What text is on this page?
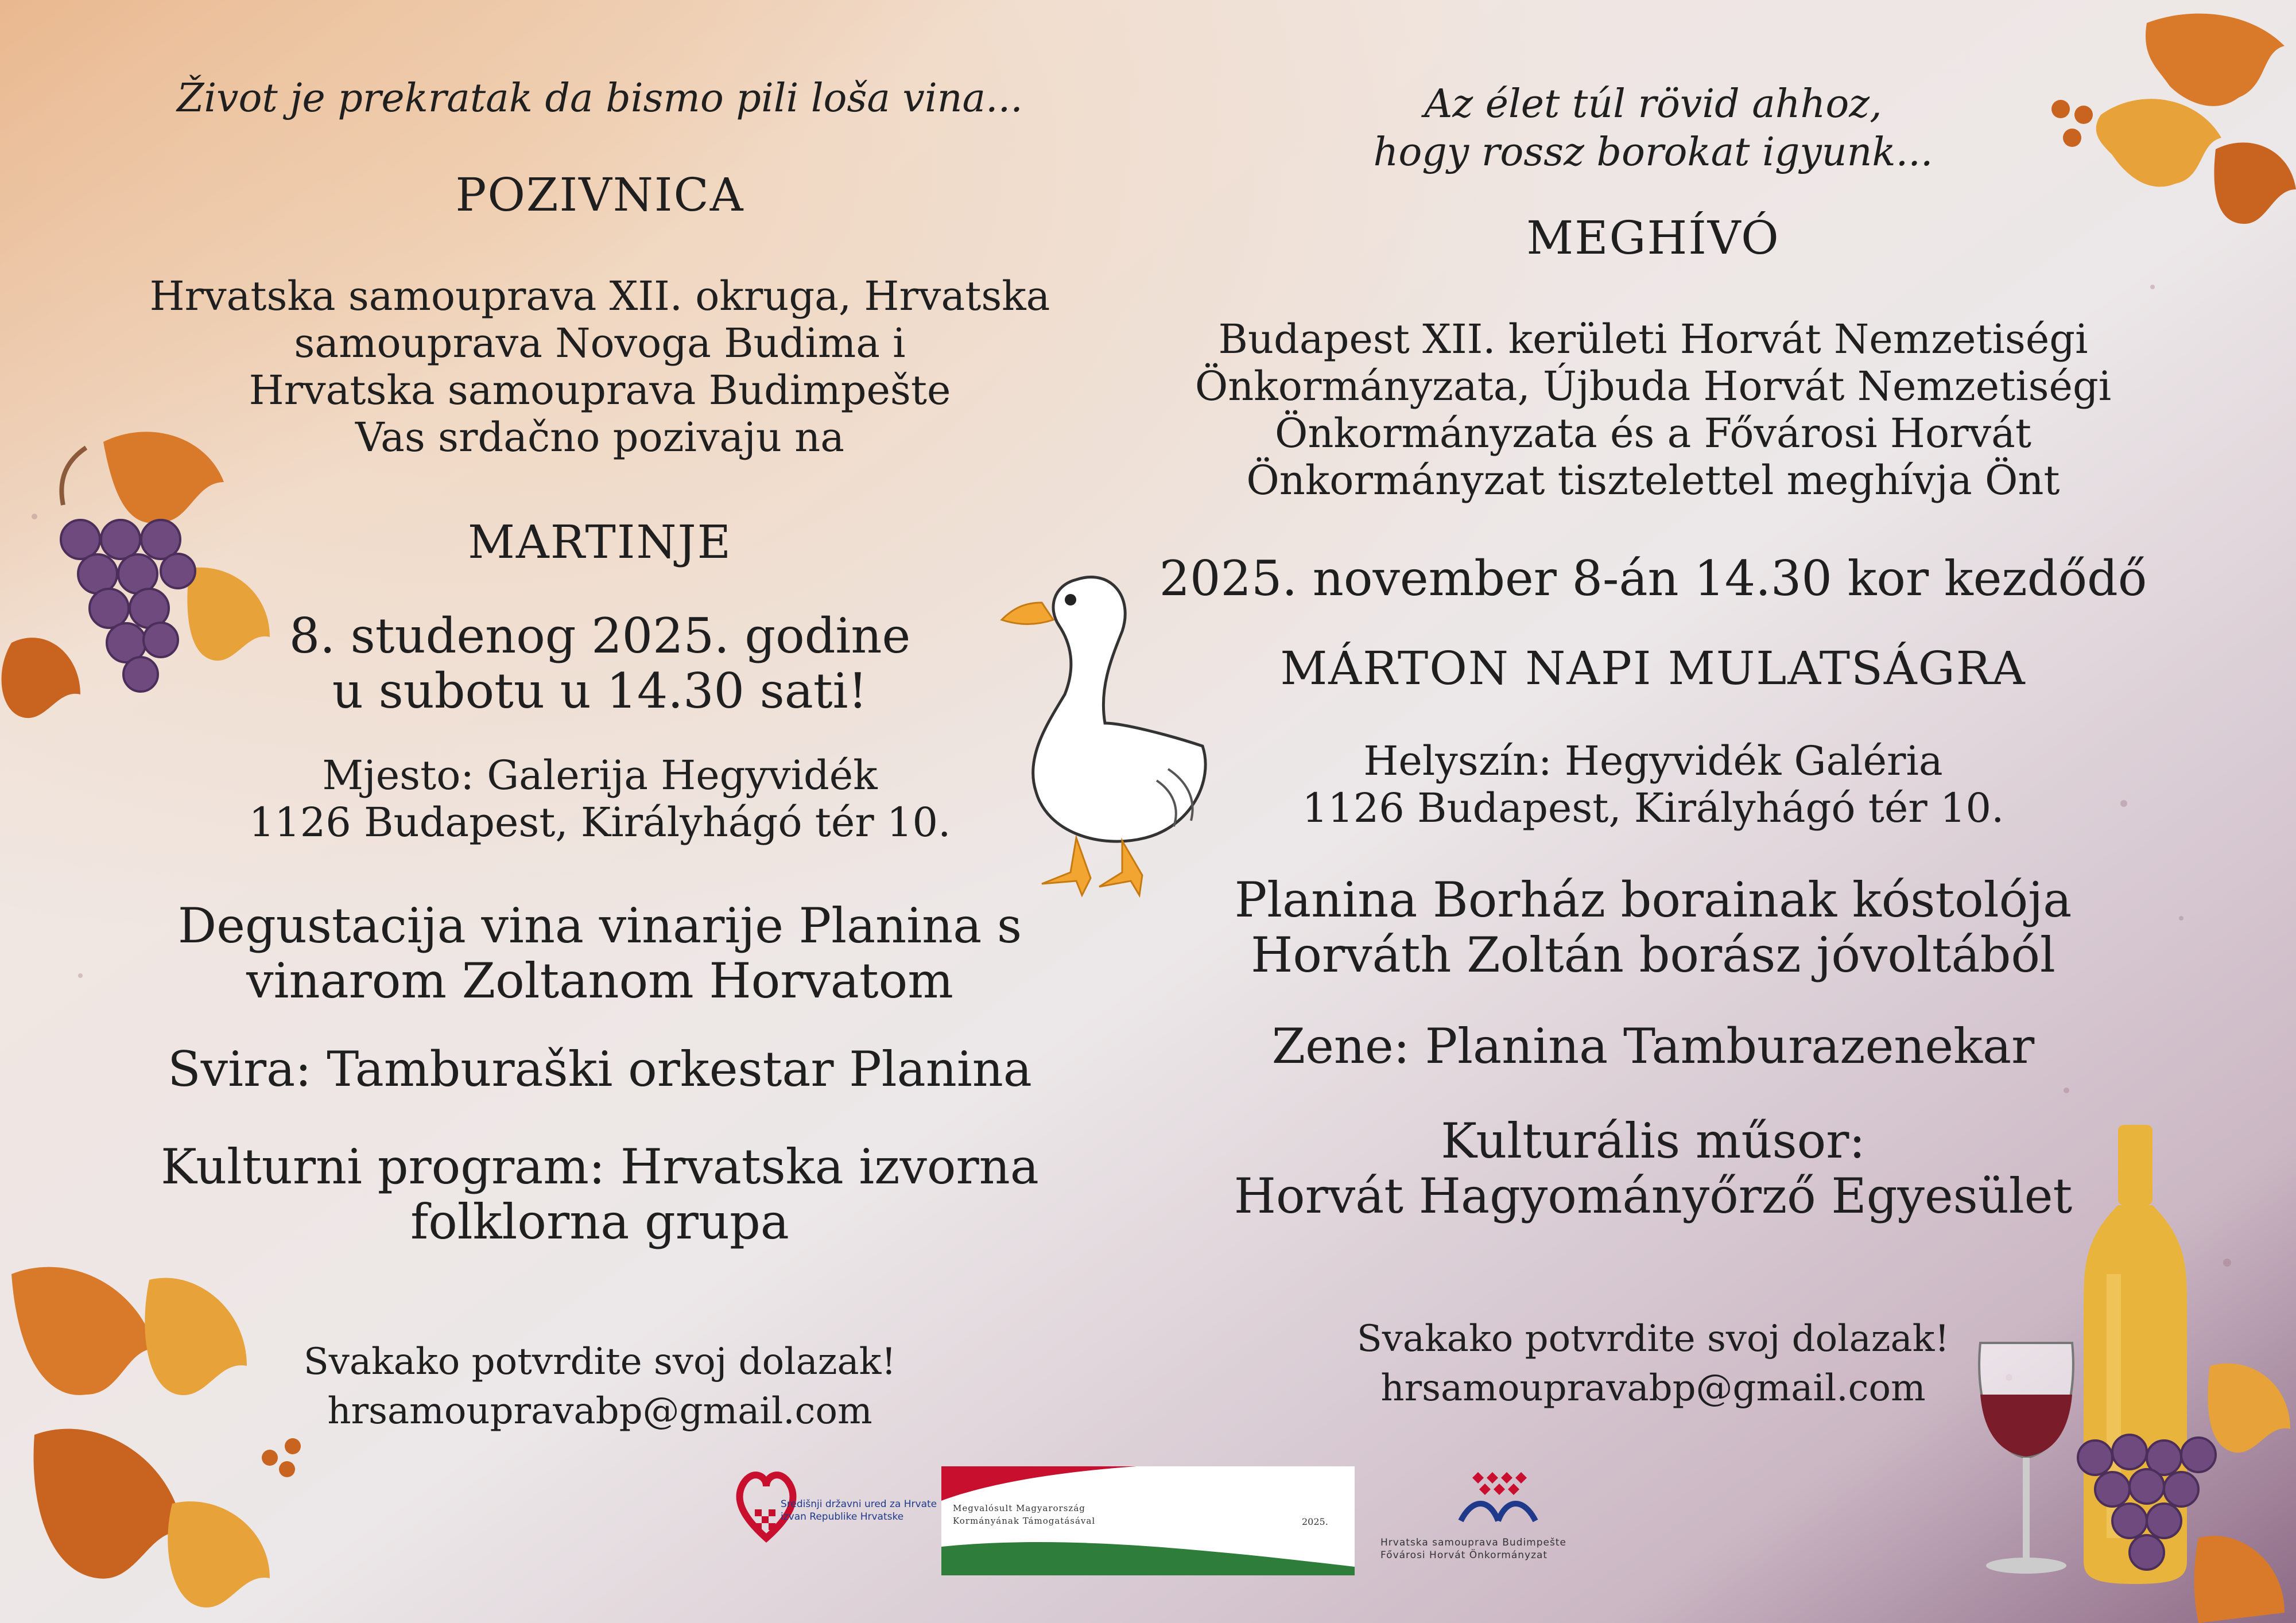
Život je prekratak da bismo pili loša vina...
POZIVNICA
Hrvatska samouprava XII. okruga, Hrvatska
samouprava Novoga Budima i
Hrvatska samouprava Budimpešte
Vas srdačno pozivaju na
MARTINJE
8. studenog 2025. godine
u subotu u 14.30 sati!
Mjesto: Galerija Hegyvidék
1126 Budapest, Királyhágó tér 10.
Degustacija vina vinarije Planina s
vinarom Zoltanom Horvatom
Svira: Tamburaški orkestar Planina
Kulturni program: Hrvatska izvorna
folklorna grupa
Svakako potvrdite svoj dolazak!
hrsamoupravabp@gmail.com
Az élet túl rövid ahhoz,
hogy rossz borokat igyunk...
MEGHÍVÓ
Budapest XII. kerületi Horvát Nemzetiségi
Önkormányzata, Újbuda Horvát Nemzetiségi
Önkormányzata és a Fővárosi Horvát
Önkormányzat tisztelettel meghívja Önt
2025. november 8-án 14.30 kor kezdődő
MÁRTON NAPI MULATSÁGRA
Helyszín: Hegyvidék Galéria
1126 Budapest, Királyhágó tér 10.
Planina Borház borainak kóstolója
Horváth Zoltán borász jóvoltából
Zene: Planina Tamburazenekar
Kulturális műsor:
Horvát Hagyományőrző Egyesület
Svakako potvrdite svoj dolazak!
hrsamoupravabp@gmail.com
Središnji državni ured za Hrvate
izvan Republike Hrvatske
Megvalósult Magyarország
Kormányának Támogatásával	2025.
Hrvatska samouprava Budimpešte
Fővárosi Horvát Önkormányzat
